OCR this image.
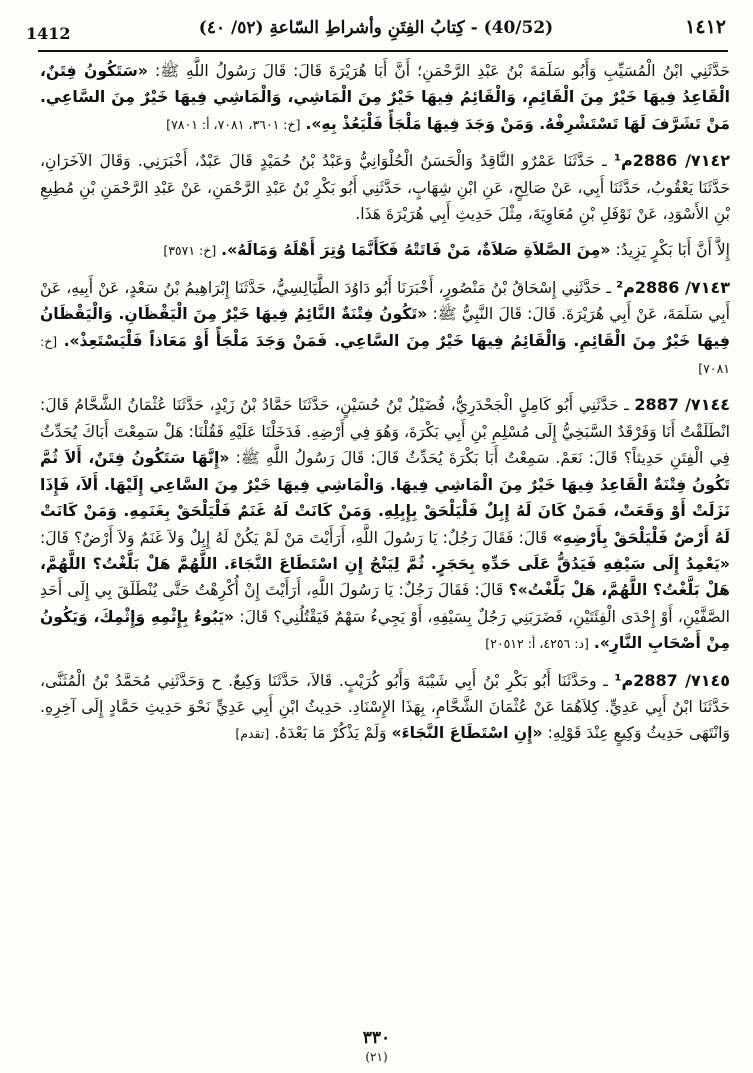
1412	(40/52) - كِتابُ الفِتَنِ وأشراطِ السّاعةِ (٥٢/ ٤٠)	١٤١٢

حَدَّثَنِي ابْنُ الْمُسَيِّبِ وَأَبُو سَلَمَةَ بْنُ عَبْدِ الرَّحْمَنِ؛ أَنَّ أَبَا هُرَيْرَةَ قَالَ: قَالَ رَسُولُ اللَّهِ ﷺ: «سَتَكُونُ فِتَنٌ، الْقَاعِدُ فِيهَا خَيْرٌ مِنَ الْقَائِمِ، وَالْقَائِمُ فِيهَا خَيْرٌ مِنَ الْمَاشِي، وَالْمَاشِي فِيهَا خَيْرٌ مِنَ السَّاعِي. مَنْ تَشَرَّفَ لَهَا تَسْتَشْرِفْهُ. وَمَنْ وَجَدَ فِيهَا مَلْجَأً فَلْيَعُذْ بِهِ». [خ: ٣٦٠١، ٧٠٨١، أ: ٧٨٠١]

٧١٤٢/ 2886م¹ ـ حَدَّثَنَا عَمْرٌو النَّاقِدُ وَالْحَسَنُ الْحُلْوَانِيُّ وَعَبْدُ بْنُ حُمَيْدٍ قَالَ عَبْدٌ، أَخْبَرَنِي. وَقَالَ الآخَرَانِ، حَدَّثَنَا يَعْقُوبُ، حَدَّثَنَا أَبِي، عَنْ صَالِحٍ، عَنِ ابْنِ شِهَابٍ، حَدَّثَنِي أَبُو بَكْرِ بْنُ عَبْدِ الرَّحْمَنِ، عَنْ عَبْدِ الرَّحْمَنِ بْنِ مُطِيعِ بْنِ الأَسْوَدِ، عَنْ نَوْفَلِ بْنِ مُعَاوِيَةَ، مِثْلَ حَدِيثِ أَبِي هُرَيْرَةَ هَذَا.

إِلاَّ أَنَّ أَبَا بَكْرٍ يَزِيدُ: «مِنَ الصَّلاَةِ صَلاَةٌ، مَنْ فَاتَتْهُ فَكَأَنَّمَا وُتِرَ أَهْلَهُ وَمَالَهُ». [خ: ٣٥٧١]

٧١٤٣/ 2886م² ـ حَدَّثَنِي إِسْحَاقُ بْنُ مَنْصُورٍ، أَخْبَرَنَا أَبُو دَاوُدَ الطَّيَالِسِيُّ، حَدَّثَنَا إِبْرَاهِيمُ بْنُ سَعْدٍ، عَنْ أَبِيهِ، عَنْ أَبِي سَلَمَةَ، عَنْ أَبِي هُرَيْرَةَ. قَالَ: قَالَ النَّبِيُّ ﷺ: «تَكُونُ فِتْنَةٌ النَّائِمُ فِيهَا خَيْرٌ مِنَ الْيَقْظَانِ. وَالْيَقْظَانُ فِيهَا خَيْرٌ مِنَ الْقَائِمِ. وَالْقَائِمُ فِيهَا خَيْرٌ مِنَ السَّاعِي. فَمَنْ وَجَدَ مَلْجَأً أَوْ مَعَاذاً فَلْيَسْتَعِذْ». [خ: ٧٠٨١]

٧١٤٤/ 2887 ـ حَدَّثَنِي أَبُو كَامِلٍ الْجَحْدَرِيُّ، فُضَيْلُ بْنُ حُسَيْنٍ، حَدَّثَنَا حَمَّادُ بْنُ زَيْدٍ، حَدَّثَنَا عُثْمَانُ الشَّحَّامُ قَالَ: انْطَلَقْتُ أَنَا وَفَرْقَدٌ السَّبَخِيُّ إِلَى مُسْلِمِ بْنِ أَبِي بَكْرَةَ، وَهُوَ فِي أَرْضِهِ. فَدَخَلْنَا عَلَيْهِ فَقُلْنَا: هَلْ سَمِعْتَ أَبَاكَ يُحَدِّثُ فِي الْفِتَنِ حَدِيثاً؟ قَالَ: نَعَمْ. سَمِعْتُ أَبَا بَكْرَةَ يُحَدِّثُ قَالَ: قَالَ رَسُولُ اللَّهِ ﷺ: «إِنَّهَا سَتَكُونُ فِتَنٌ، أَلاَ ثُمَّ تَكُونُ فِتْنَةٌ الْقَاعِدُ فِيهَا خَيْرٌ مِنَ الْمَاشِي فِيهَا. وَالْمَاشِي فِيهَا خَيْرٌ مِنَ السَّاعِي إِلَيْهَا. أَلاَ، فَإِذَا نَزَلَتْ أَوْ وَقَعَتْ، فَمَنْ كَانَ لَهُ إِبِلٌ فَلْيَلْحَقْ بِإِبِلِهِ. وَمَنْ كَانَتْ لَهُ غَنَمٌ فَلْيَلْحَقْ بِغَنَمِهِ. وَمَنْ كَانَتْ لَهُ أَرْضٌ فَلْيَلْحَقْ بِأَرْضِهِ» قَالَ: فَقَالَ رَجُلٌ: يَا رَسُولَ اللَّهِ، أَرَأَيْتَ مَنْ لَمْ يَكُنْ لَهُ إِبِلٌ وَلاَ غَنَمٌ وَلاَ أَرْضٌ؟ قَالَ: «يَعْمِدُ إِلَى سَيْفِهِ فَيَدُقُّ عَلَى حَدِّهِ بِحَجَرٍ. ثُمَّ لِيَنْجُ إِنِ اسْتَطَاعَ النَّجَاءَ. اللَّهُمَّ هَلْ بَلَّغْتُ؟ اللَّهُمَّ، هَلْ بَلَّغْتُ؟ اللَّهُمَّ، هَلْ بَلَّغْتُ»؟ قَالَ: فَقَالَ رَجُلٌ: يَا رَسُولَ اللَّهِ، أَرَأَيْتَ إِنْ أُكْرِهْتُ حَتَّى يُنْطَلَقَ بِي إِلَى أَحَدِ الصَّفَّيْنِ، أَوْ إِحْدَى الْفِئَتَيْنِ، فَضَرَبَنِي رَجُلٌ بِسَيْفِهِ، أَوْ يَجِيءُ سَهْمٌ فَيَقْتُلُنِي؟ قَالَ: «يَبُوءُ بِإِثْمِهِ وَإِثْمِكَ، وَيَكُونُ مِنْ أَصْحَابِ النَّارِ». [د: ٤٢٥٦، أ: ٢٠٥١٢]

٧١٤٥/ 2887م¹ ـ وحَدَّثَنَا أَبُو بَكْرِ بْنُ أَبِي شَيْبَةَ وَأَبُو كُرَيْبٍ. قَالاَ، حَدَّثَنَا وَكِيعٌ. ح وَحَدَّثَنِي مُحَمَّدُ بْنُ الْمُثَنَّى، حَدَّثَنَا ابْنُ أَبِي عَدِيٍّ. كِلاَهُمَا عَنْ عُثْمَانَ الشَّحَّامِ، بِهَذَا الإِسْنَادِ. حَدِيثُ ابْنِ أَبِي عَدِيٍّ نَحْوَ حَدِيثِ حَمَّادٍ إِلَى آخِرِهِ. وَانْتَهَى حَدِيثُ وَكِيعٍ عِنْدَ قَوْلِهِ: «إِنِ اسْتَطَاعَ النَّجَاءَ» وَلَمْ يَذْكُرْ مَا بَعْدَهُ. [تقدم]

٣٣٠
(٢١)
